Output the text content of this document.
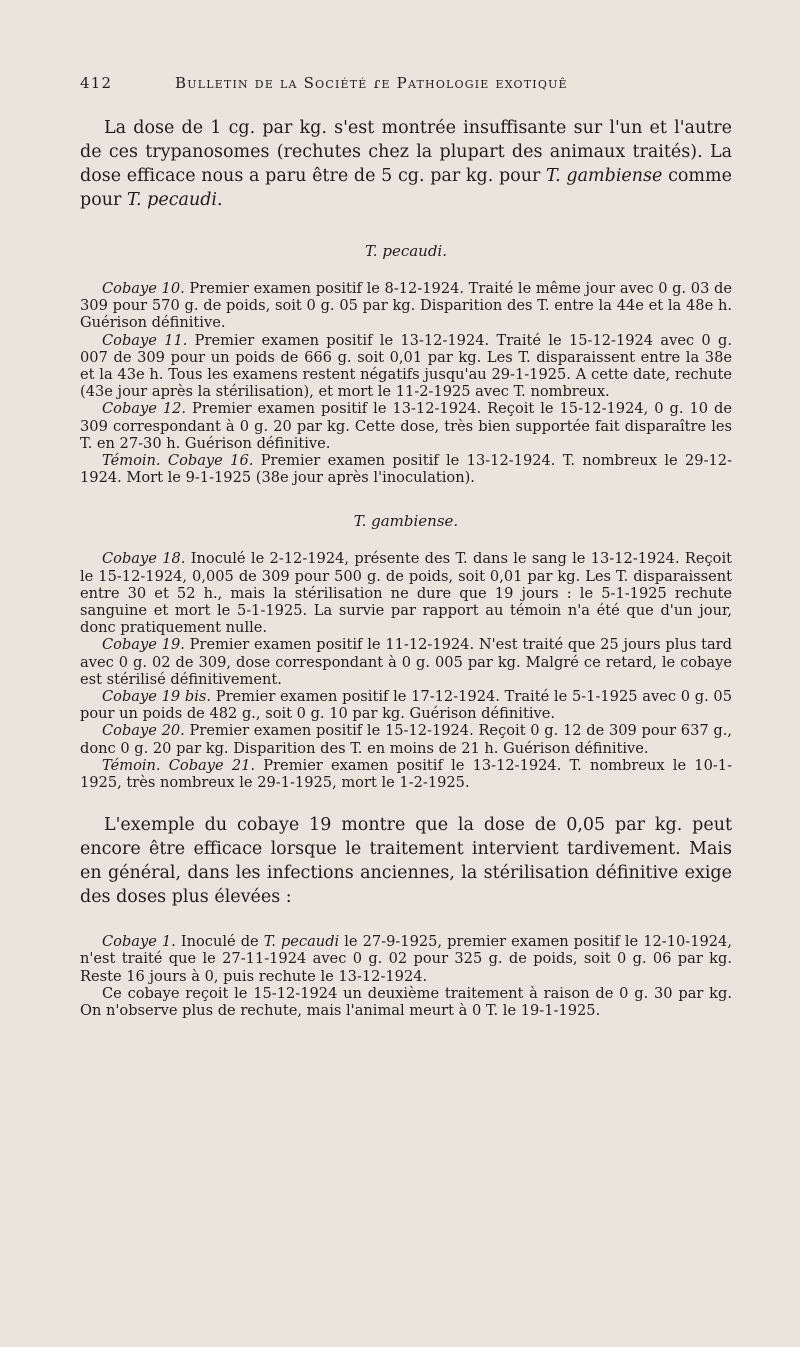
412	Bulletin de la Société ɾe Pathologie exotiquê

La dose de 1 cg. par kg. s'est montrée insuffisante sur l'un et l'autre de ces trypanosomes (rechutes chez la plupart des animaux traités). La dose efficace nous a paru être de 5 cg. par kg. pour T. gambiense comme pour T. pecaudi.

T. pecaudi.

Cobaye 10. Premier examen positif le 8-12-1924. Traité le même jour avec 0 g. 03 de 309 pour 570 g. de poids, soit 0 g. 05 par kg. Disparition des T. entre la 44e et la 48e h. Guérison définitive.

Cobaye 11. Premier examen positif le 13-12-1924. Traité le 15-12-1924 avec 0 g. 007 de 309 pour un poids de 666 g. soit 0,01 par kg. Les T. disparaissent entre la 38e et la 43e h. Tous les examens restent négatifs jusqu'au 29-1-1925. A cette date, rechute (43e jour après la stérilisation), et mort le 11-2-1925 avec T. nombreux.

Cobaye 12. Premier examen positif le 13-12-1924. Reçoit le 15-12-1924, 0 g. 10 de 309 correspondant à 0 g. 20 par kg. Cette dose, très bien supportée fait disparaître les T. en 27-30 h. Guérison définitive.

Témoin. Cobaye 16. Premier examen positif le 13-12-1924. T. nombreux le 29-12-1924. Mort le 9-1-1925 (38e jour après l'inoculation).

T. gambiense.

Cobaye 18. Inoculé le 2-12-1924, présente des T. dans le sang le 13-12-1924. Reçoit le 15-12-1924, 0,005 de 309 pour 500 g. de poids, soit 0,01 par kg. Les T. disparaissent entre 30 et 52 h., mais la stérilisation ne dure que 19 jours : le 5-1-1925 rechute sanguine et mort le 5-1-1925. La survie par rapport au témoin n'a été que d'un jour, donc pratiquement nulle.

Cobaye 19. Premier examen positif le 11-12-1924. N'est traité que 25 jours plus tard avec 0 g. 02 de 309, dose correspondant à 0 g. 005 par kg. Malgré ce retard, le cobaye est stérilisé définitivement.

Cobaye 19 bis. Premier examen positif le 17-12-1924. Traité le 5-1-1925 avec 0 g. 05 pour un poids de 482 g., soit 0 g. 10 par kg. Guérison définitive.

Cobaye 20. Premier examen positif le 15-12-1924. Reçoit 0 g. 12 de 309 pour 637 g., donc 0 g. 20 par kg. Disparition des T. en moins de 21 h. Guérison définitive.

Témoin. Cobaye 21. Premier examen positif le 13-12-1924. T. nombreux le 10-1-1925, très nombreux le 29-1-1925, mort le 1-2-1925.

L'exemple du cobaye 19 montre que la dose de 0,05 par kg. peut encore être efficace lorsque le traitement intervient tardivement. Mais en général, dans les infections anciennes, la stérilisation définitive exige des doses plus élevées :

Cobaye 1. Inoculé de T. pecaudi le 27-9-1925, premier examen positif le 12-10-1924, n'est traité que le 27-11-1924 avec 0 g. 02 pour 325 g. de poids, soit 0 g. 06 par kg. Reste 16 jours à 0, puis rechute le 13-12-1924.

Ce cobaye reçoit le 15-12-1924 un deuxième traitement à raison de 0 g. 30 par kg. On n'observe plus de rechute, mais l'animal meurt à 0 T. le 19-1-1925.
